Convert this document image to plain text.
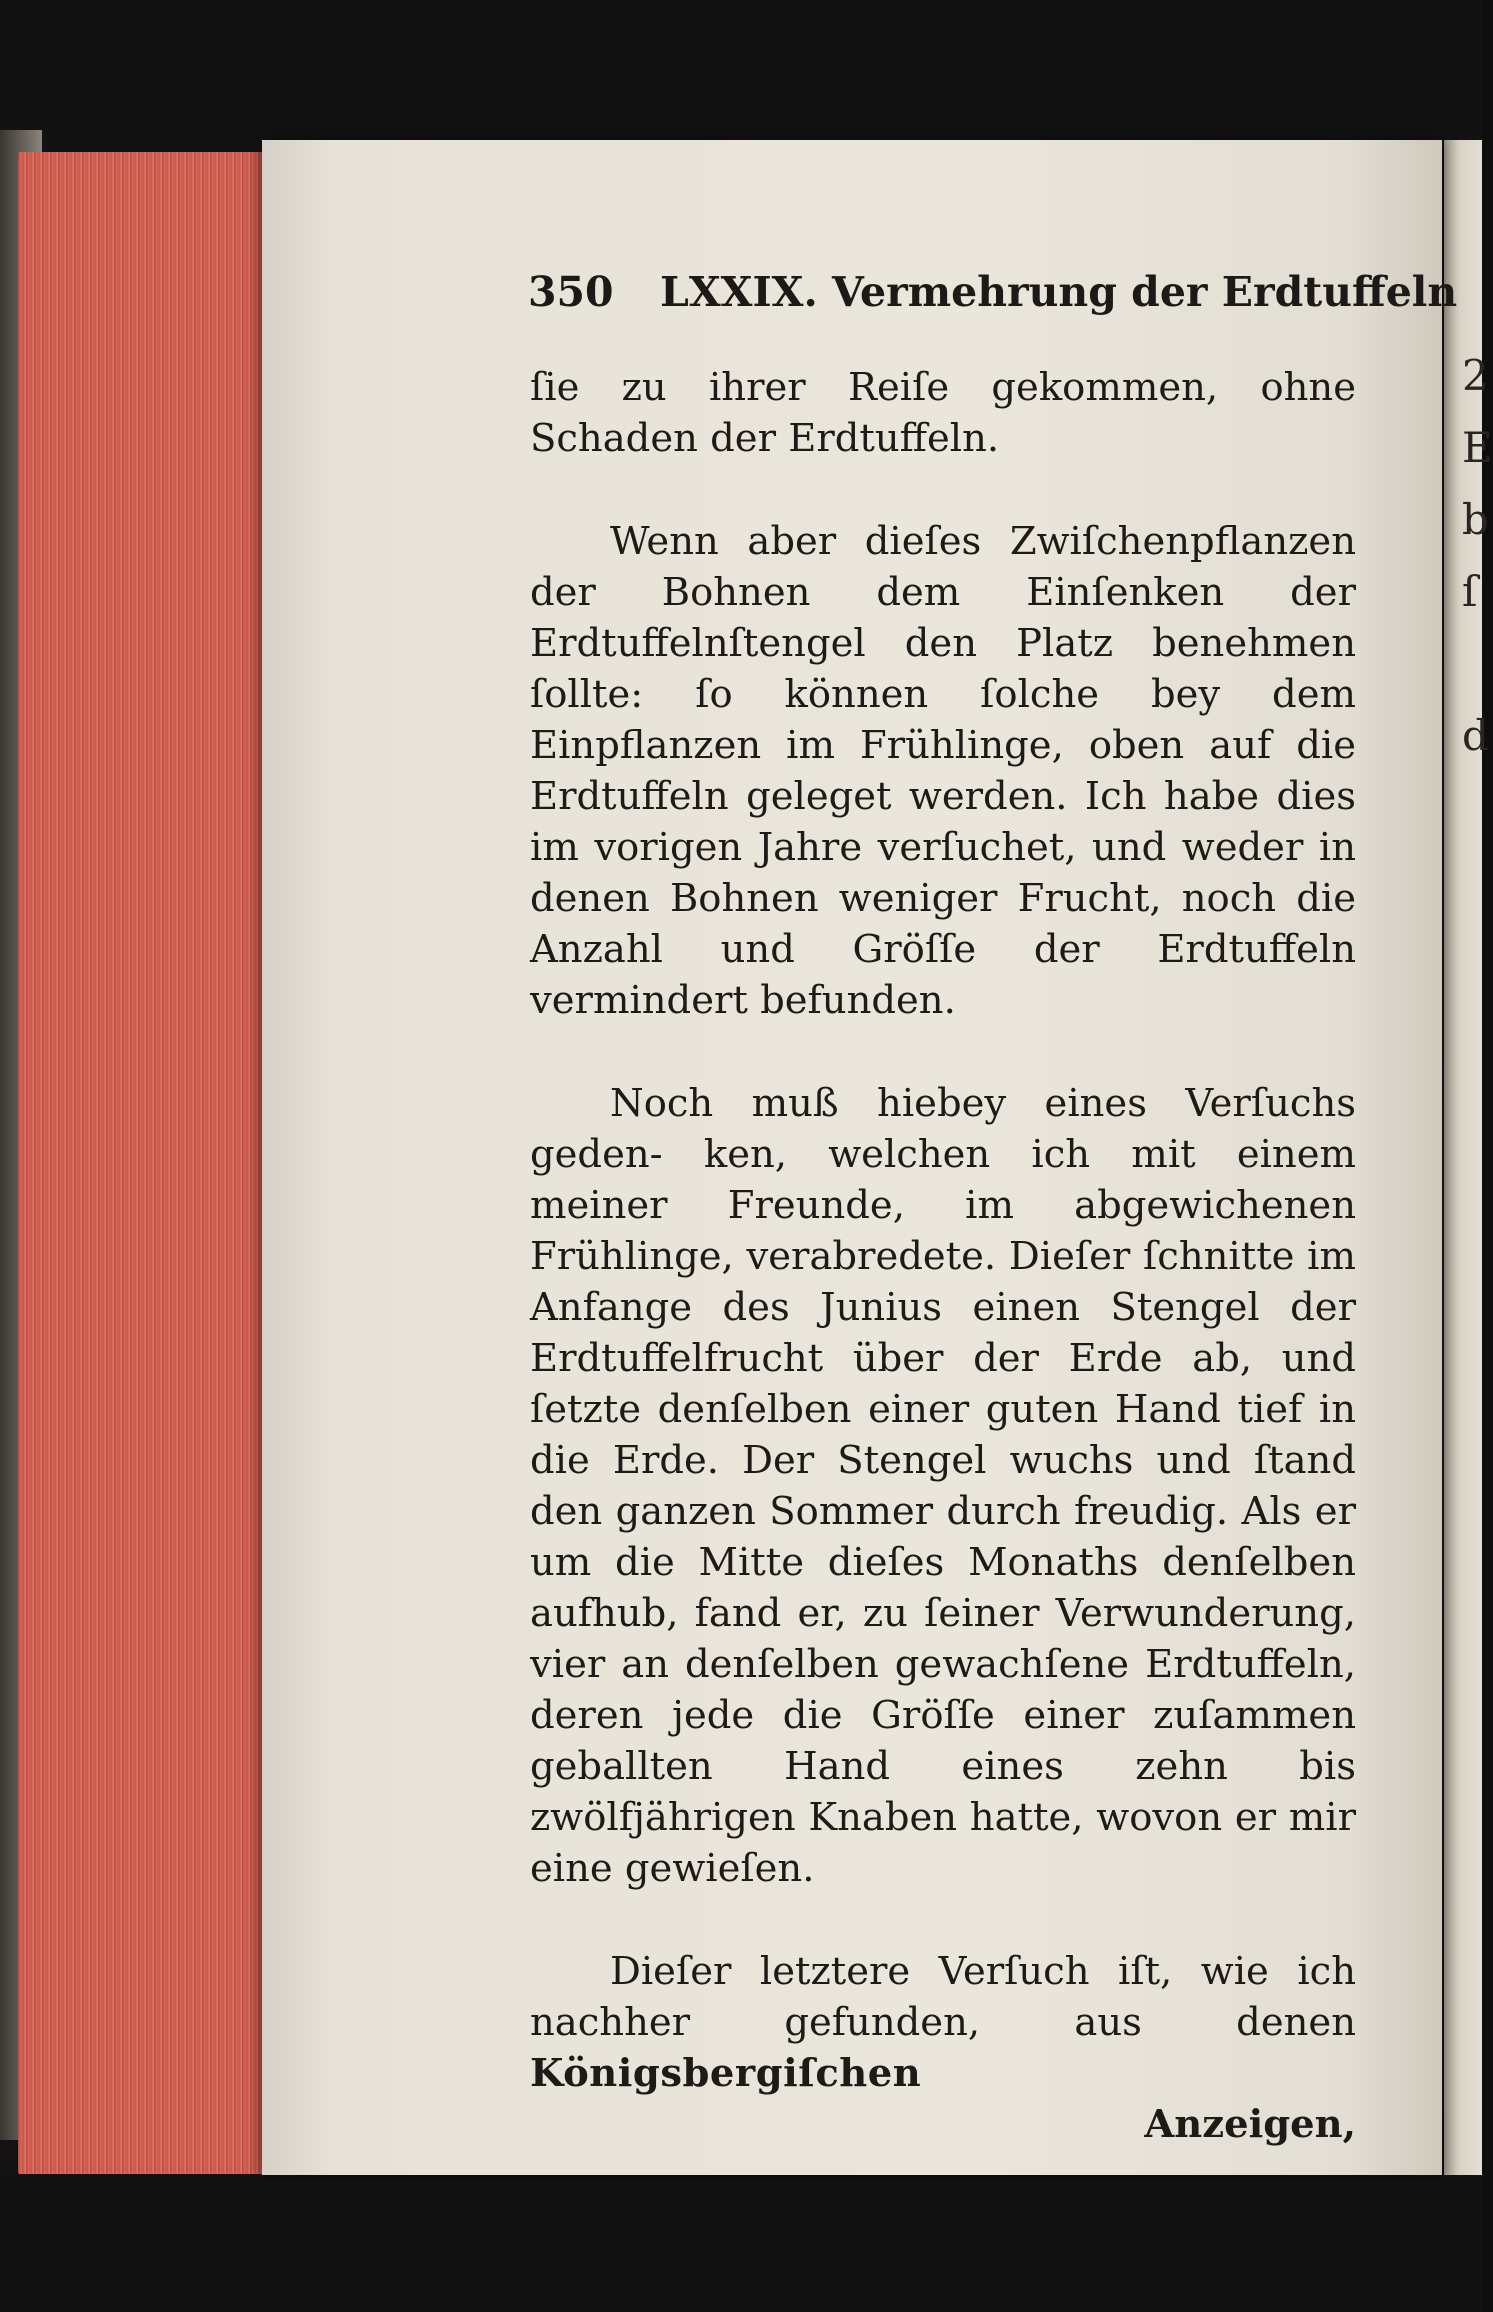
2
E
b
ſ

d
350 LXXIX. Vermehrung der Erdtuffeln

ſie zu ihrer Reiſe gekommen, ohne Schaden der Erdtuffeln.

Wenn aber dieſes Zwiſchenpflanzen der Bohnen dem Einſenken der Erdtuffelnſtengel den Platz benehmen ſollte: ſo können ſolche bey dem Einpflanzen im Frühlinge, oben auf die Erdtuffeln geleget werden. Ich habe dies im vorigen Jahre verſuchet, und weder in denen Bohnen weniger Frucht, noch die Anzahl und Gröſſe der Erdtuffeln vermindert befunden.

Noch muß hiebey eines Verſuchs geden- ken, welchen ich mit einem meiner Freunde, im abgewichenen Frühlinge, verabredete. Dieſer ſchnitte im Anfange des Junius einen Stengel der Erdtuffelfrucht über der Erde ab, und ſetzte denſelben einer guten Hand tief in die Erde. Der Stengel wuchs und ſtand den ganzen Sommer durch freudig. Als er um die Mitte dieſes Monaths denſelben aufhub, fand er, zu ſeiner Verwunderung, vier an denſelben gewachſene Erdtuffeln, deren jede die Gröſſe einer zuſammen geballten Hand eines zehn bis zwölfjährigen Knaben hatte, wovon er mir eine gewieſen.

Dieſer letztere Verſuch iſt, wie ich nachher gefunden, aus denen Königsbergiſchen

Anzeigen,
